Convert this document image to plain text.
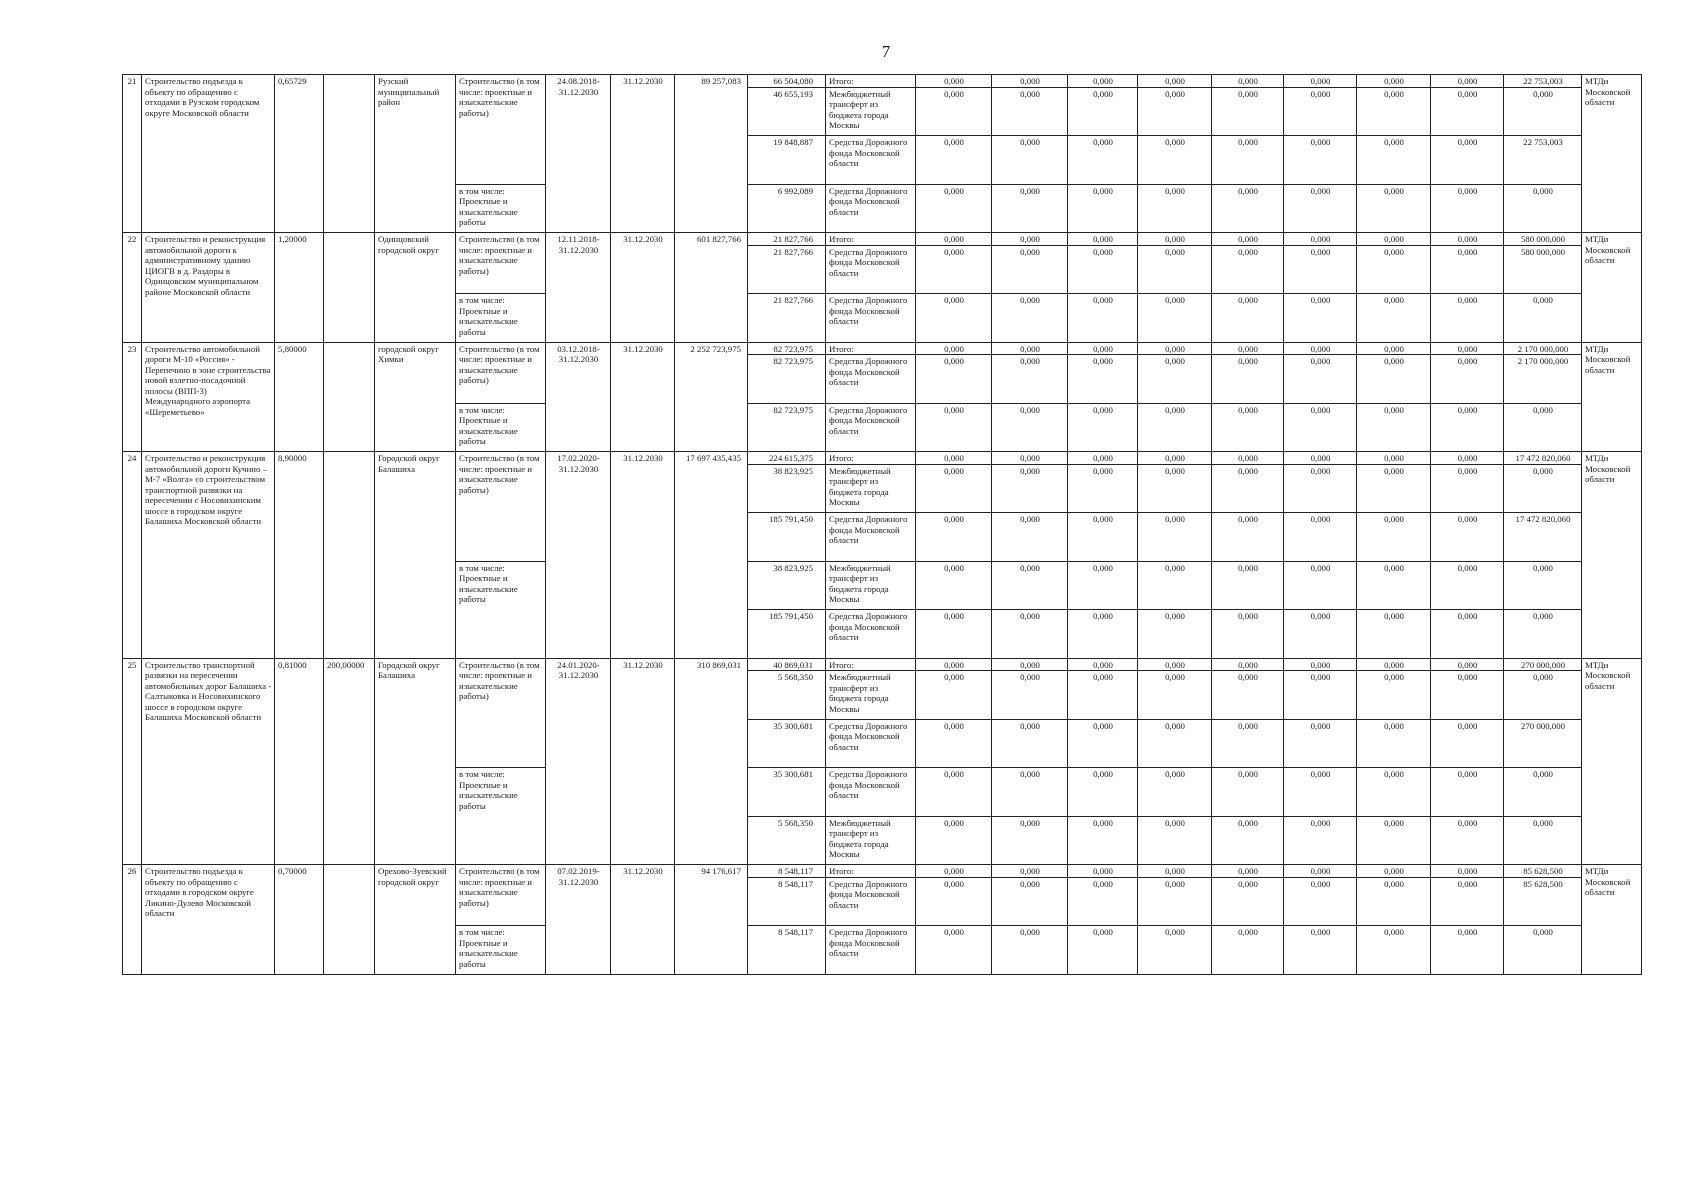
7
21	Строительство подъезда к объекту по обращению с отходами в Рузском городском округе Московской области	0,65729		Рузский муниципальный район	Строительство (в том числе: проектные и изыскательские работы)	24.08.2018-31.12.2030	31.12.2030	89 257,083	66 504,080	Итого:	0,000	0,000	0,000	0,000	0,000	0,000	0,000	0,000	22 753,003	МТДи Московской области
									46 655,193	Межбюджетный трансферт из бюджета города Москвы	0,000	0,000	0,000	0,000	0,000	0,000	0,000	0,000	0,000	
									19 848,887	Средства Дорожного фонда Московской области	0,000	0,000	0,000	0,000	0,000	0,000	0,000	0,000	22 753,003	
					в том числе: Проектные и изыскательские работы				6 992,089	Средства Дорожного фонда Московской области	0,000	0,000	0,000	0,000	0,000	0,000	0,000	0,000	0,000	
22	Строительство и реконструкция автомобильной дороги к административному зданию ЦИОГВ в д. Раздоры в Одинцовском муниципальном районе Московской области	1,20000		Одинцовский городской округ	Строительство (в том числе: проектные и изыскательские работы)	12.11.2018-31.12.2030	31.12.2030	601 827,766	21 827,766	Итого:	0,000	0,000	0,000	0,000	0,000	0,000	0,000	0,000	580 000,000	МТДи Московской области
									21 827,766	Средства Дорожного фонда Московской области	0,000	0,000	0,000	0,000	0,000	0,000	0,000	0,000	580 000,000	
					в том числе: Проектные и изыскательские работы				21 827,766	Средства Дорожного фонда Московской области	0,000	0,000	0,000	0,000	0,000	0,000	0,000	0,000	0,000	
23	Строительство автомобильной дороги М-10 «Россия» - Перепечино в зоне строительства новой взлетно-посадочной полосы (ВПП-3) Международного аэропорта «Шереметьево»	5,80000		городской округ Химки	Строительство (в том числе: проектные и изыскательские работы)	03.12.2018-31.12.2030	31.12.2030	2 252 723,975	82 723,975	Итого:	0,000	0,000	0,000	0,000	0,000	0,000	0,000	0,000	2 170 000,000	МТДи Московской области
									82 723,975	Средства Дорожного фонда Московской области	0,000	0,000	0,000	0,000	0,000	0,000	0,000	0,000	2 170 000,000	
					в том числе: Проектные и изыскательские работы				82 723,975	Средства Дорожного фонда Московской области	0,000	0,000	0,000	0,000	0,000	0,000	0,000	0,000	0,000	
24	Строительство и реконструкция автомобильной дороги Кучино – М-7 «Волга» со строительством транспортной развязки на пересечении с Носовихинским шоссе в городском округе Балашиха Московской области	8,90000		Городской округ Балашиха	Строительство (в том числе: проектные и изыскательские работы)	17.02.2020-31.12.2030	31.12.2030	17 697 435,435	224 615,375	Итого:	0,000	0,000	0,000	0,000	0,000	0,000	0,000	0,000	17 472 820,060	МТДи Московской области
									38 823,925	Межбюджетный трансферт из бюджета города Москвы	0,000	0,000	0,000	0,000	0,000	0,000	0,000	0,000	0,000	
									185 791,450	Средства Дорожного фонда Московской области	0,000	0,000	0,000	0,000	0,000	0,000	0,000	0,000	17 472 820,060	
					в том числе: Проектные и изыскательские работы				38 823,925	Межбюджетный трансферт из бюджета города Москвы	0,000	0,000	0,000	0,000	0,000	0,000	0,000	0,000	0,000	
									185 791,450	Средства Дорожного фонда Московской области	0,000	0,000	0,000	0,000	0,000	0,000	0,000	0,000	0,000	
25	Строительство транспортной развязки на пересечении автомобильных дорог Балашиха - Салтыковка и Носовихинского шоссе в городском округе Балашиха Московской области	0,81000	200,00000	Городской округ Балашиха	Строительство (в том числе: проектные и изыскательские работы)	24.01.2020-31.12.2030	31.12.2030	310 869,031	40 869,031	Итого:	0,000	0,000	0,000	0,000	0,000	0,000	0,000	0,000	270 000,000	МТДи Московской области
									5 568,350	Межбюджетный трансферт из бюджета города Москвы	0,000	0,000	0,000	0,000	0,000	0,000	0,000	0,000	0,000	
									35 300,681	Средства Дорожного фонда Московской области	0,000	0,000	0,000	0,000	0,000	0,000	0,000	0,000	270 000,000	
					в том числе: Проектные и изыскательские работы				35 300,681	Средства Дорожного фонда Московской области	0,000	0,000	0,000	0,000	0,000	0,000	0,000	0,000	0,000	
									5 568,350	Межбюджетный трансферт из бюджета города Москвы	0,000	0,000	0,000	0,000	0,000	0,000	0,000	0,000	0,000	
26	Строительство подъезда к объекту по обращению с отходами в городском округе Ликино-Дулево Московской области	0,70000		Орехово-Зуевский городской округ	Строительство (в том числе: проектные и изыскательские работы)	07.02.2019-31.12.2030	31.12.2030	94 176,617	8 548,117	Итого:	0,000	0,000	0,000	0,000	0,000	0,000	0,000	0,000	85 628,500	МТДи Московской области
									8 548,117	Средства Дорожного фонда Московской области	0,000	0,000	0,000	0,000	0,000	0,000	0,000	0,000	85 628,500	
					в том числе: Проектные и изыскательские работы				8 548,117	Средства Дорожного фонда Московской области	0,000	0,000	0,000	0,000	0,000	0,000	0,000	0,000	0,000	
